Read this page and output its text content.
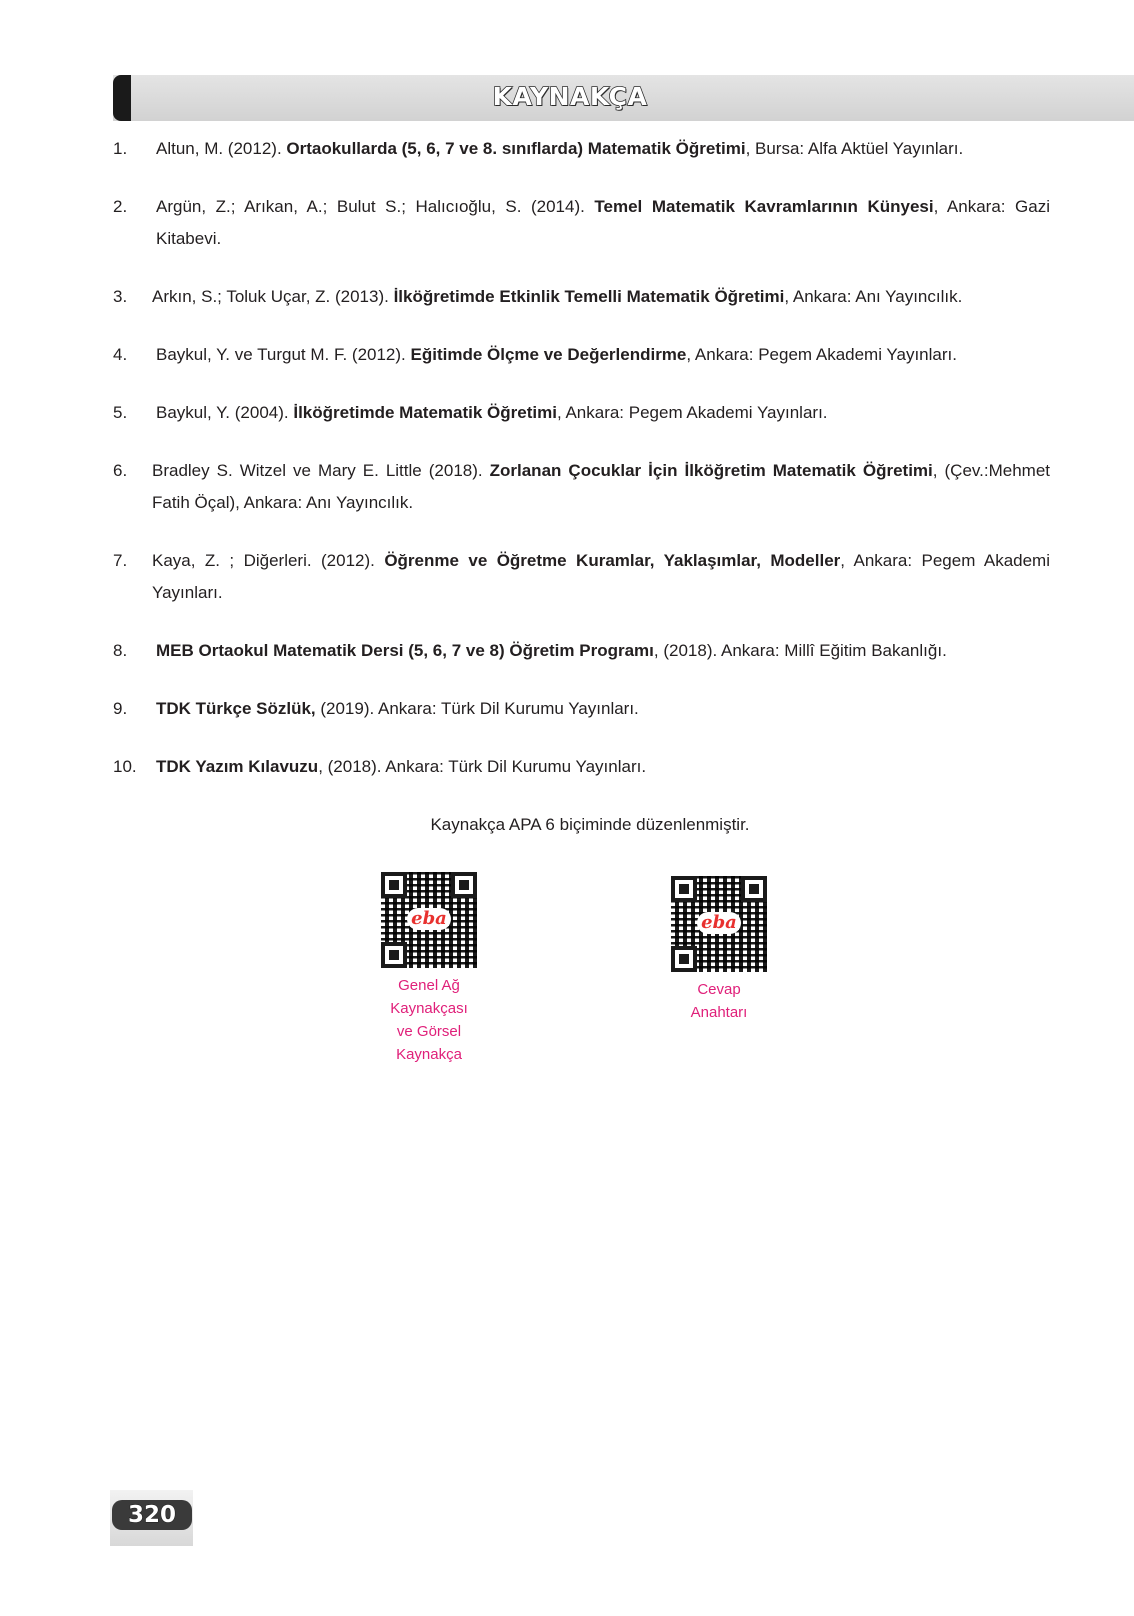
KAYNAKÇA
1.	Altun, M. (2012). Ortaokullarda (5, 6, 7 ve 8. sınıflarda) Matematik Öğretimi, Bursa: Alfa Aktüel Yayınları.
2.	Argün, Z.; Arıkan, A.; Bulut S.; Halıcıoğlu, S. (2014). Temel Matematik Kavramlarının Künyesi, Ankara: Gazi Kitabevi.
3.	Arkın, S.; Toluk Uçar, Z. (2013). İlköğretimde Etkinlik Temelli Matematik Öğretimi, Ankara: Anı Yayıncılık.
4.	Baykul, Y. ve Turgut M. F. (2012). Eğitimde Ölçme ve Değerlendirme, Ankara: Pegem Akademi Yayınları.
5.	Baykul, Y. (2004). İlköğretimde Matematik Öğretimi, Ankara: Pegem Akademi Yayınları.
6.	Bradley S. Witzel ve Mary E. Little (2018). Zorlanan Çocuklar İçin İlköğretim Matematik Öğretimi, (Çev.:Mehmet Fatih Öçal), Ankara: Anı Yayıncılık.
7.	Kaya, Z. ; Diğerleri. (2012). Öğrenme ve Öğretme Kuramlar, Yaklaşımlar, Modeller, Ankara: Pegem Akademi Yayınları.
8.	MEB Ortaokul Matematik Dersi (5, 6, 7 ve 8) Öğretim Programı, (2018). Ankara: Millî Eğitim Bakanlığı.
9.	TDK Türkçe Sözlük, (2019). Ankara: Türk Dil Kurumu Yayınları.
10.	TDK Yazım Kılavuzu, (2018). Ankara: Türk Dil Kurumu Yayınları.
Kaynakça APA 6 biçiminde düzenlenmiştir.
eba
Genel Ağ
Kaynakçası
ve Görsel
Kaynakça
eba
Cevap
Anahtarı
320
